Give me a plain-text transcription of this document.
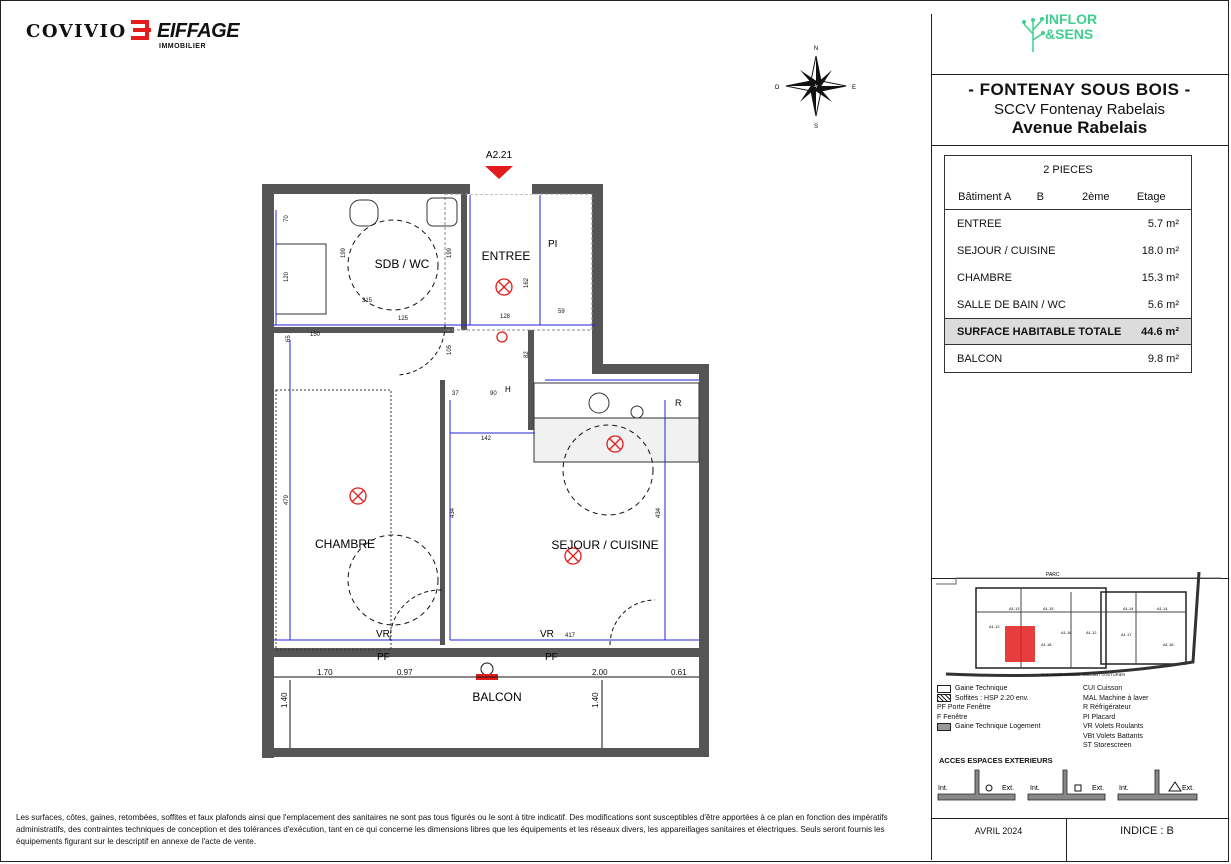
COVIVIO EIFFAGE
IMMOBILIER
INFLOR
&SENS
- FONTENAY SOUS BOIS -
SCCV Fontenay Rabelais
Avenue Rabelais
N
S
E
O
A2.21
SDB / WC
ENTREE
CHAMBRE	SEJOUR / CUISINE
BALCON
PI
PF	PF
VR	VR
R
H
1.70	0.97	2.00	0.61
1.40	1.40
479
434	434
142
417
128
162
105
90
150
65
120
70
82
37
59
199	199
315
125
2 PIECES
Bâtiment A	B	2ème	Etage
ENTREE	5.7 m²
SEJOUR / CUISINE	18.0 m²
CHAMBRE	15.3 m²
SALLE DE BAIN / WC	5.6 m²
SURFACE HABITABLE TOTALE 44.6 m²
BALCON	9.8 m²
PARC
RUE MARIE-CLAUDE VAILLANT COUTURIER
A1.13	A1.15	A1.14	A1.14
A1.12
A1.16	A1.12	A1.17
A1.18	A1.16
Gaine Technique
Soffites : HSP 2.20 env.
PF Porte Fenêtre
F Fenêtre
Gaine Technique Logement
CUI Cuisson
MAL Machine à laver
R Réfrigérateur
PI Placard
VR Volets Roulants
VBt Volets Battants
ST Storescreen
ACCES ESPACES EXTERIEURS
Int.	Ext. Int.	Ext. Int.	Ext.
Les surfaces, côtes, gaines, retombées, soffites et faux plafonds ainsi que l'emplacement des sanitaires ne sont pas tous figurés ou le sont à titre indicatif. Des modifications sont susceptibles d'être apportées à ce plan en fonction des impératifs administratifs, des contraintes techniques de conception et des tolérances d'exécution, tant en ce qui concerne les dimensions libres que les équipements et les réseaux divers, les appareillages sanitaires et électriques. Seuls seront fournis les équipements figurant sur le descriptif en annexe de l'acte de vente.
AVRIL 2024	INDICE : B
